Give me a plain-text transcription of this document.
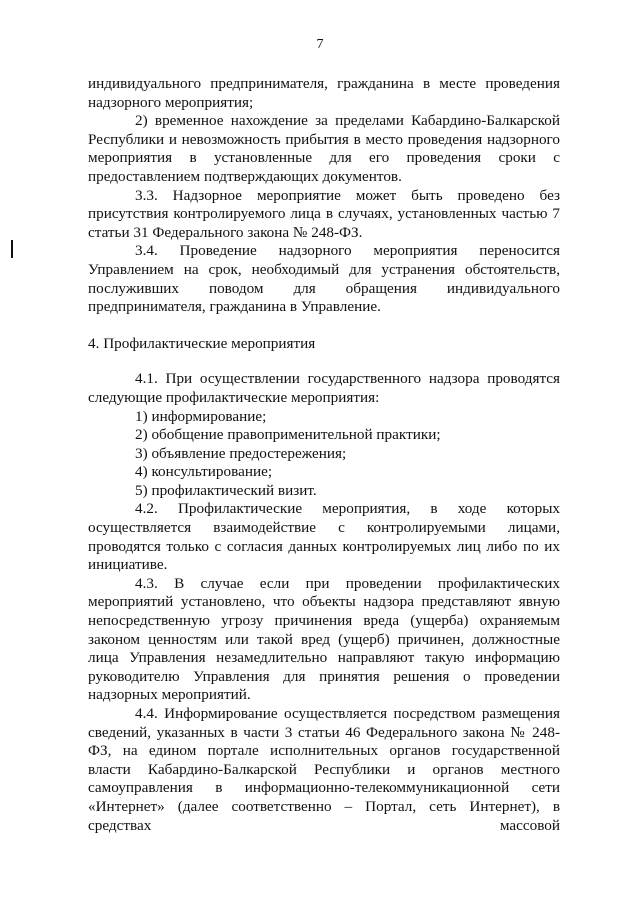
7

индивидуального предпринимателя, гражданина в месте проведения надзорного мероприятия;

2) временное нахождение за пределами Кабардино-Балкарской Республики и невозможность прибытия в место проведения надзорного мероприятия в установленные для его проведения сроки с предоставлением подтверждающих документов.

3.3. Надзорное мероприятие может быть проведено без присутствия контролируемого лица в случаях, установленных частью 7 статьи 31 Федерального закона № 248-ФЗ.

3.4. Проведение надзорного мероприятия переносится Управлением на срок, необходимый для устранения обстоятельств, послуживших поводом для обращения индивидуального предпринимателя, гражданина в Управление.

4. Профилактические мероприятия

4.1. При осуществлении государственного надзора проводятся следующие профилактические мероприятия:

1) информирование;

2) обобщение правоприменительной практики;

3) объявление предостережения;

4) консультирование;

5) профилактический визит.

4.2. Профилактические мероприятия, в ходе которых осуществляется взаимодействие с контролируемыми лицами, проводятся только с согласия данных контролируемых лиц либо по их инициативе.

4.3. В случае если при проведении профилактических мероприятий установлено, что объекты надзора представляют явную непосредственную угрозу причинения вреда (ущерба) охраняемым законом ценностям или такой вред (ущерб) причинен, должностные лица Управления незамедлительно направляют такую информацию руководителю Управления для принятия решения о проведении надзорных мероприятий.

4.4. Информирование осуществляется посредством размещения сведений, указанных в части 3 статьи 46 Федерального закона № 248-ФЗ, на едином портале исполнительных органов государственной власти Кабардино-Балкарской Республики и органов местного самоуправления в информационно-телекоммуникационной сети «Интернет» (далее соответственно – Портал, сеть Интернет), в средствах массовой
